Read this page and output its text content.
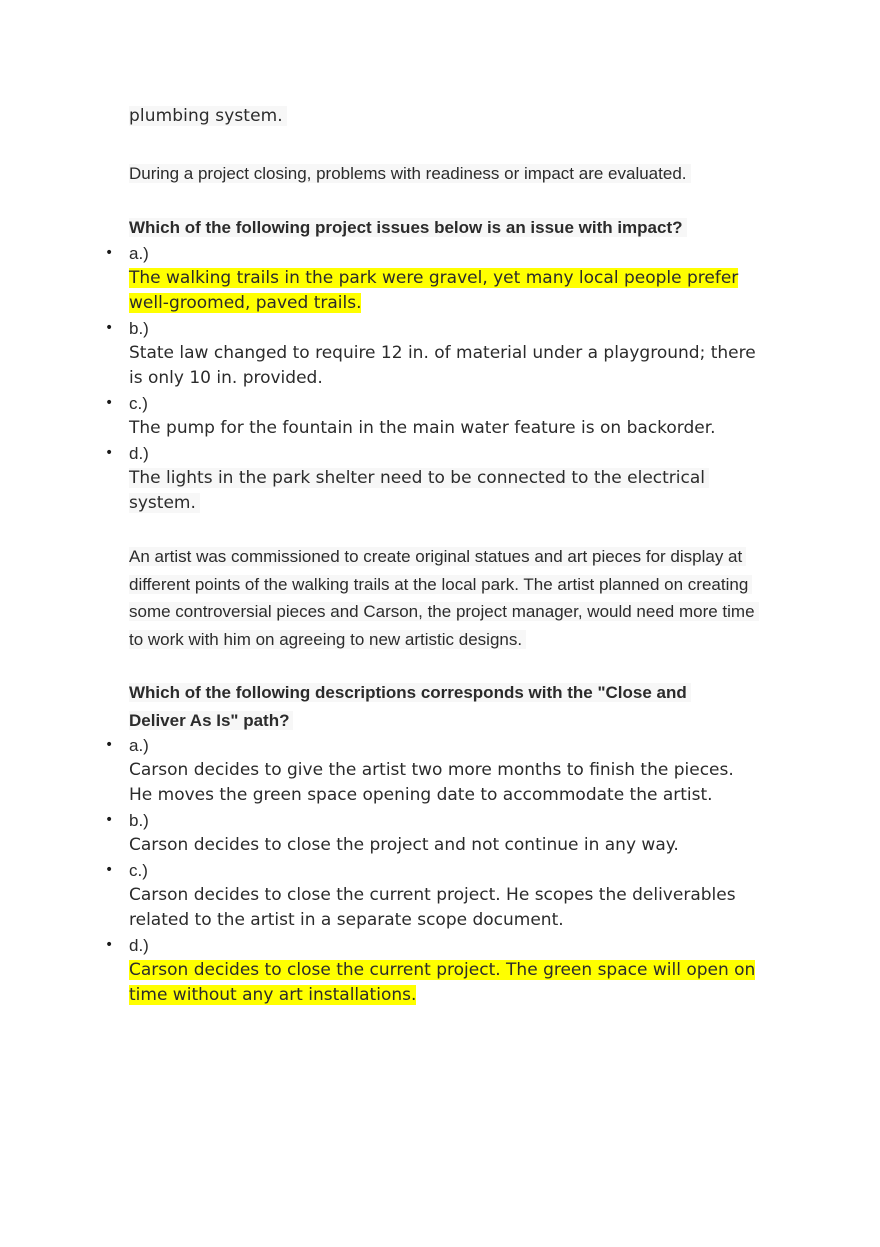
plumbing system.
During a project closing, problems with readiness or impact are evaluated.
Which of the following project issues below is an issue with impact?
• a.)
The walking trails in the park were gravel, yet many local people prefer well-groomed, paved trails.
• b.)
State law changed to require 12 in. of material under a playground; there is only 10 in. provided.
• c.)
The pump for the fountain in the main water feature is on backorder.
• d.)
The lights in the park shelter need to be connected to the electrical system.
An artist was commissioned to create original statues and art pieces for display at different points of the walking trails at the local park. The artist planned on creating some controversial pieces and Carson, the project manager, would need more time to work with him on agreeing to new artistic designs.
Which of the following descriptions corresponds with the "Close and Deliver As Is" path?
• a.)
Carson decides to give the artist two more months to finish the pieces. He moves the green space opening date to accommodate the artist.
• b.)
Carson decides to close the project and not continue in any way.
• c.)
Carson decides to close the current project. He scopes the deliverables related to the artist in a separate scope document.
• d.)
Carson decides to close the current project. The green space will open on time without any art installations.
